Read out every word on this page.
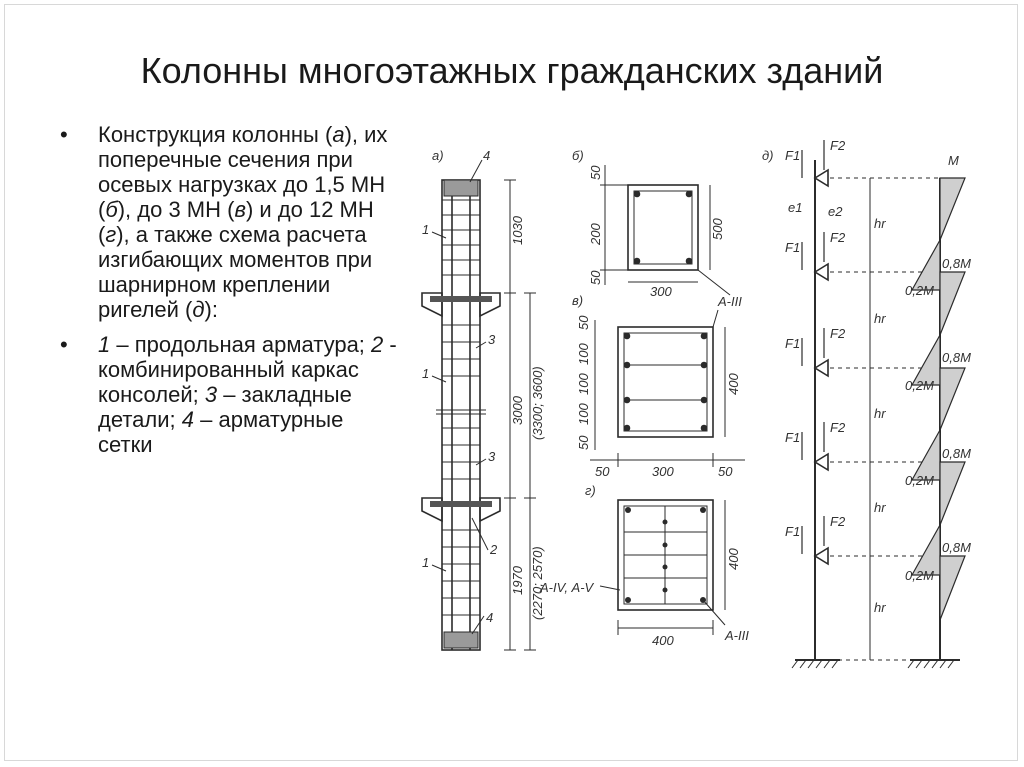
Колонны многоэтажных гражданских зданий
• Конструкция колонны (а), их поперечные сечения при осевых нагрузках до 1,5 МН (б), до 3 МН (в) и до 12 МН (г), а также схема расчета изгибающих моментов при шарнирном креплении ригелей (д):
• 1 – продольная арматура; 2 - комбинированный каркас консолей; 3 – закладные детали; 4 – арматурные сетки
а)	4
1
1
1
3
3
2
4
1030
3000 (3300; 3600)
1970 (2270; 2570)
б)
50
200
50
500
300
А-III
в)
50
100
100
100
50
400
50	300	50
г)
400
400
А-IV, А-V
А-III
д) F1
F2
e1 e2
F1
F2
F1
F2
F1
F2
F1
F2
hr
hr
hr
hr
hr
M
0,8M
0,2M
0,8M
0,2M
0,8M
0,2M
0,8M
0,2M
